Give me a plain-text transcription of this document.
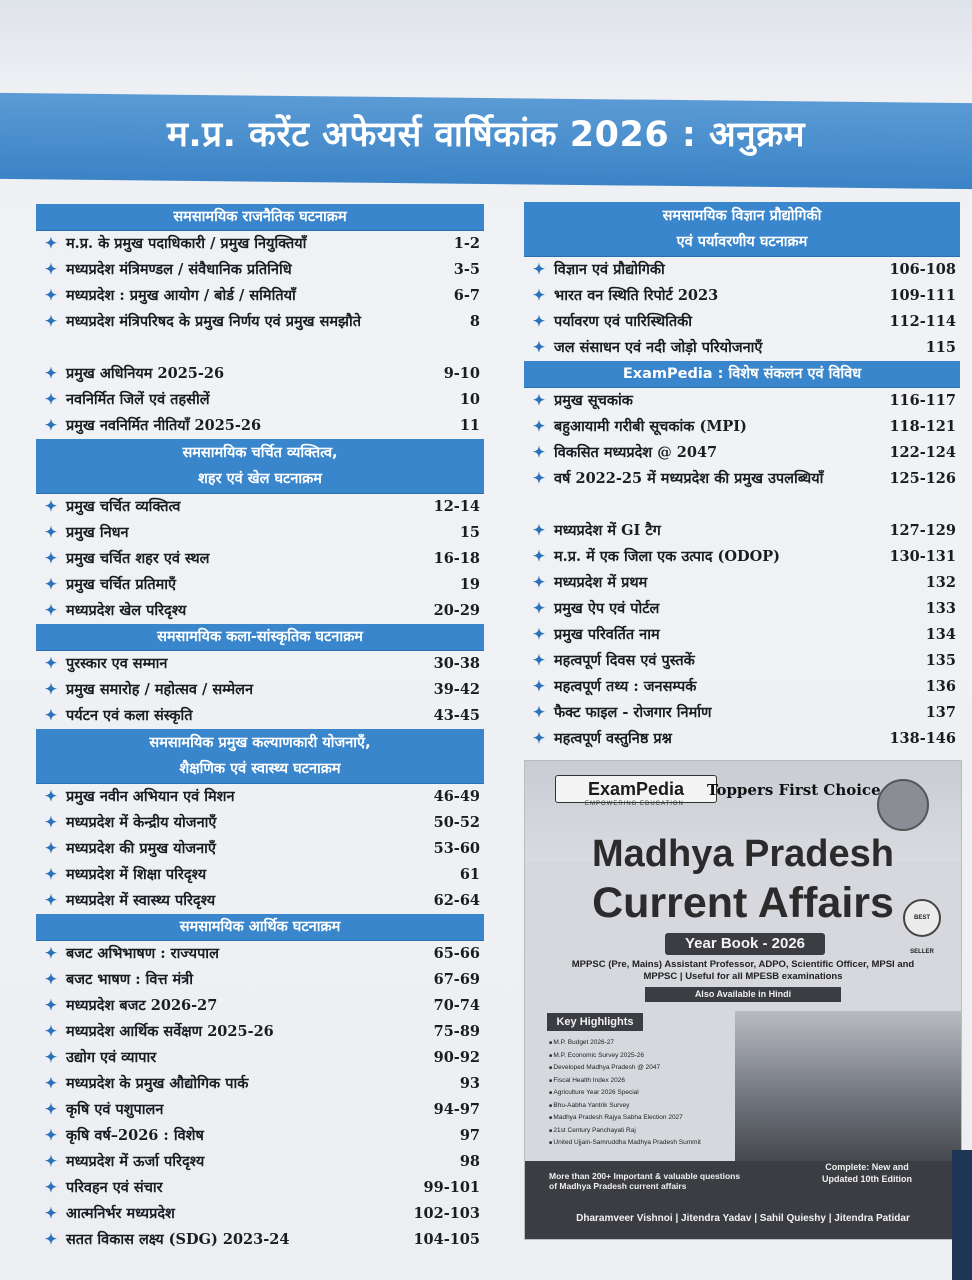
म.प्र. करेंट अफेयर्स वार्षिकांक 2026 : अनुक्रम
समसामयिक राजनैतिक घटनाक्रम
✦ म.प्र. के प्रमुख पदाधिकारी / प्रमुख नियुक्तियाँ	1-2
✦ मध्यप्रदेश मंत्रिमण्डल / संवैधानिक प्रतिनिधि	3-5
✦ मध्यप्रदेश : प्रमुख आयोग / बोर्ड / समितियाँ	6-7
✦ मध्यप्रदेश मंत्रिपरिषद के प्रमुख निर्णय एवं प्रमुख समझौते	8
✦ प्रमुख अधिनियम 2025-26	9-10
✦ नवनिर्मित जिलें एवं तहसीलें	10
✦ प्रमुख नवनिर्मित नीतियाँ 2025-26	11
समसामयिक चर्चित व्यक्तित्व,
शहर एवं खेल घटनाक्रम
✦ प्रमुख चर्चित व्यक्तित्व	12-14
✦ प्रमुख निधन	15
✦ प्रमुख चर्चित शहर एवं स्थल	16-18
✦ प्रमुख चर्चित प्रतिमाएँ	19
✦ मध्यप्रदेश खेल परिदृश्य	20-29
समसामयिक कला-सांस्कृतिक घटनाक्रम
✦ पुरस्कार एव सम्मान	30-38
✦ प्रमुख समारोह / महोत्सव / सम्मेलन	39-42
✦ पर्यटन एवं कला संस्कृति	43-45
समसामयिक प्रमुख कल्याणकारी योजनाएँ,
शैक्षणिक एवं स्वास्थ्य घटनाक्रम
✦ प्रमुख नवीन अभियान एवं मिशन	46-49
✦ मध्यप्रदेश में केन्द्रीय योजनाएँ	50-52
✦ मध्यप्रदेश की प्रमुख योजनाएँ	53-60
✦ मध्यप्रदेश में शिक्षा परिदृश्य	61
✦ मध्यप्रदेश में स्वास्थ्य परिदृश्य	62-64
समसामयिक आर्थिक घटनाक्रम
✦ बजट अभिभाषण : राज्यपाल	65-66
✦ बजट भाषण : वित्त मंत्री	67-69
✦ मध्यप्रदेश बजट 2026-27	70-74
✦ मध्यप्रदेश आर्थिक सर्वेक्षण 2025-26	75-89
✦ उद्योग एवं व्यापार	90-92
✦ मध्यप्रदेश के प्रमुख औद्योगिक पार्क	93
✦ कृषि एवं पशुपालन	94-97
✦ कृषि वर्ष–2026 : विशेष	97
✦ मध्यप्रदेश में ऊर्जा परिदृश्य	98
✦ परिवहन एवं संचार	99-101
✦ आत्मनिर्भर मध्यप्रदेश	102-103
✦ सतत विकास लक्ष्य (SDG) 2023-24	104-105
समसामयिक विज्ञान प्रौद्योगिकी
एवं पर्यावरणीय घटनाक्रम
✦ विज्ञान एवं प्रौद्योगिकी	106-108
✦ भारत वन स्थिति रिपोर्ट 2023	109-111
✦ पर्यावरण एवं पारिस्थितिकी	112-114
✦ जल संसाधन एवं नदी जोड़ो परियोजनाएँ	115
ExamPedia : विशेष संकलन एवं विविध
✦ प्रमुख सूचकांक	116-117
✦ बहुआयामी गरीबी सूचकांक (MPI)	118-121
✦ विकसित मध्यप्रदेश @ 2047	122-124
✦ वर्ष 2022-25 में मध्यप्रदेश की प्रमुख उपलब्धियाँ	125-126
✦ मध्यप्रदेश में GI टैग	127-129
✦ म.प्र. में एक जिला एक उत्पाद (ODOP)	130-131
✦ मध्यप्रदेश में प्रथम	132
✦ प्रमुख ऐप एवं पोर्टल	133
✦ प्रमुख परिवर्तित नाम	134
✦ महत्वपूर्ण दिवस एवं पुस्तकें	135
✦ महत्वपूर्ण तथ्य : जनसम्पर्क	136
✦ फैक्ट फाइल - रोजगार निर्माण	137
✦ महत्वपूर्ण वस्तुनिष्ठ प्रश्न	138-146
ExamPedia
EMPOWERING EDUCATION
Toppers First Choice
Madhya Pradesh
Current Affairs	BEST SELLER
Year Book - 2026
MPPSC (Pre, Mains) Assistant Professor, ADPO, Scientific Officer, MPSI and MPPSC | Useful for all MPESB examinations
Also Available in Hindi
Key Highlights
■ M.P. Budget 2026-27
■ M.P. Economic Survey 2025-26
■ Developed Madhya Pradesh @ 2047
■ Fiscal Health Index 2026
■ Agriculture Year 2026 Special
■ Bhu-Aabha Yantrik Survey
■ Madhya Pradesh Rajya Sabha Election 2027
■ 21st Century Panchayati Raj
■ United Ujjain-Samruddha Madhya Pradesh Summit
More than 200+ Important & valuable questions of Madhya Pradesh current affairs
Complete: New and Updated 10th Edition
Dharamveer Vishnoi | Jitendra Yadav | Sahil Quieshy | Jitendra Patidar
